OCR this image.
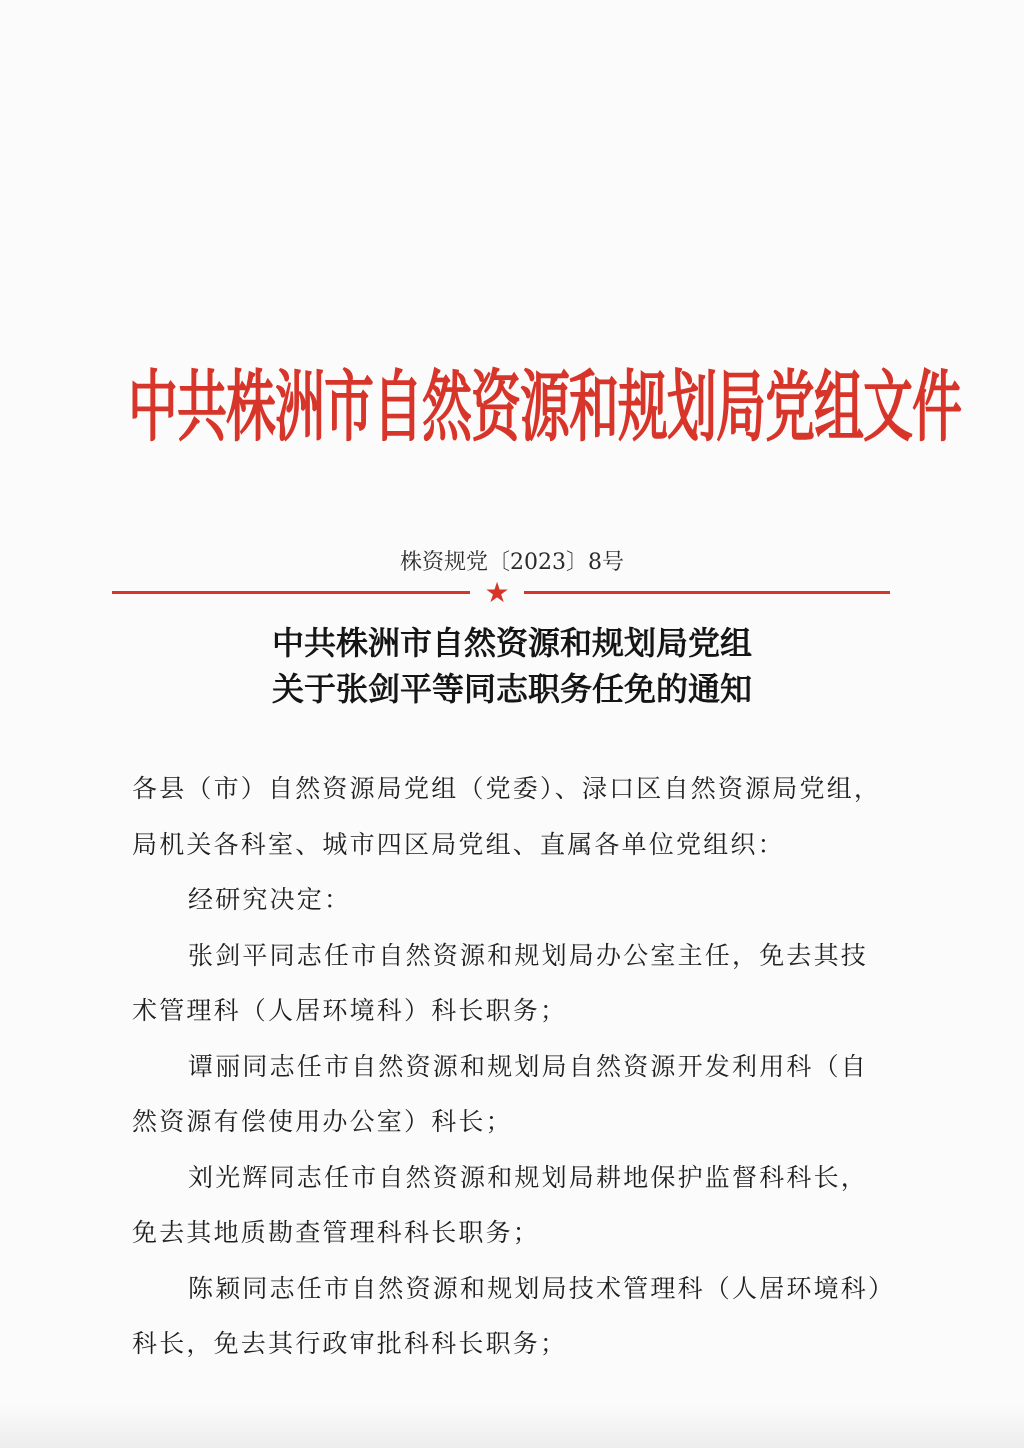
中共株洲市自然资源和规划局党组文件
株资规党〔2023〕8号
★
中共株洲市自然资源和规划局党组
关于张剑平等同志职务任免的通知

各县（市）自然资源局党组（党委）、渌口区自然资源局党组，局机关各科室、城市四区局党组、直属各单位党组织：

经研究决定：

张剑平同志任市自然资源和规划局办公室主任，免去其技术管理科（人居环境科）科长职务；

谭丽同志任市自然资源和规划局自然资源开发利用科（自然资源有偿使用办公室）科长；

刘光辉同志任市自然资源和规划局耕地保护监督科科长，免去其地质勘查管理科科长职务；

陈颖同志任市自然资源和规划局技术管理科（人居环境科）科长，免去其行政审批科科长职务；
